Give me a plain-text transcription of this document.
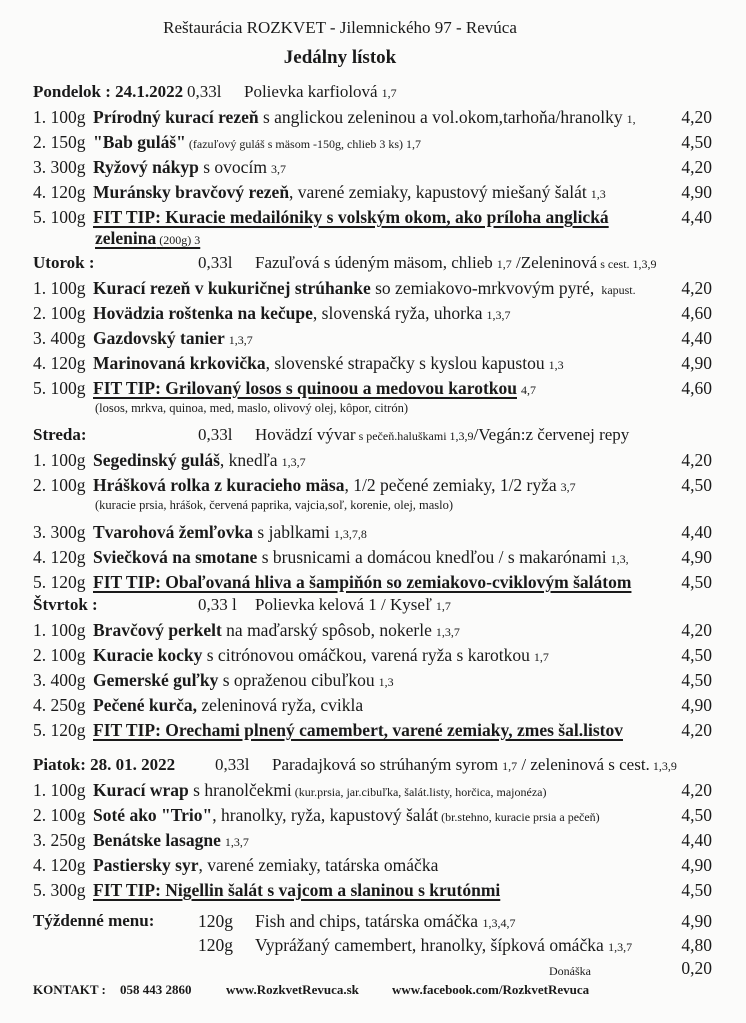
Reštaurácia ROZKVET - Jilemnického 97 - Revúca
Jedálny lístok
Pondelok : 24.1.2022 0,33l Polievka karfiolová 1,7
1. 100g Prírodný kurací rezeň s anglickou zeleninou a vol.okom,tarhoňa/hranolky 1,	4,20
2. 150g "Bab guláš" (fazuľový guláš s mäsom -150g, chlieb 3 ks) 1,7	4,50
3. 300g Ryžový nákyp s ovocím 3,7	4,20
4. 120g Muránsky bravčový rezeň, varené zemiaky, kapustový miešaný šalát 1,3	4,90
5. 100g FIT TIP: Kuracie medailóniky s volským okom, ako príloha anglická	4,40
zelenina (200g) 3
Utorok :	0,33l Fazuľová s údeným mäsom, chlieb 1,7 /Zeleninová s cest. 1,3,9
1. 100g Kurací rezeň v kukuričnej strúhanke so zemiakovo-mrkvovým pyré, kapust.	4,20
2. 100g Hovädzia roštenka na kečupe, slovenská ryža, uhorka 1,3,7	4,60
3. 400g Gazdovský tanier 1,3,7	4,40
4. 120g Marinovaná krkovička, slovenské strapačky s kyslou kapustou 1,3	4,90
5. 100g FIT TIP: Grilovaný losos s quinoou a medovou karotkou 4,7	4,60
(losos, mrkva, quinoa, med, maslo, olivový olej, kôpor, citrón)
Streda:	0,33l Hovädzí vývar s pečeň.haluškami 1,3,9/Vegán:z červenej repy
1. 100g Segedinský guláš, knedľa 1,3,7	4,20
2. 100g Hrášková rolka z kuracieho mäsa, 1/2 pečené zemiaky, 1/2 ryža 3,7	4,50
(kuracie prsia, hrášok, červená paprika, vajcia,soľ, korenie, olej, maslo)
3. 300g Tvarohová žemľovka s jablkami 1,3,7,8	4,40
4. 120g Sviečková na smotane s brusnicami a domácou knedľou / s makarónami 1,3,	4,90
5. 120g FIT TIP: Obaľovaná hliva a šampiňón so zemiakovo-cviklovým šalátom	4,50
Štvrtok :	0,33 l Polievka kelová 1 / Kyseľ 1,7
1. 100g Bravčový perkelt na maďarský spôsob, nokerle 1,3,7	4,20
2. 100g Kuracie kocky s citrónovou omáčkou, varená ryža s karotkou 1,7	4,50
3. 400g Gemerské guľky s opraženou cibuľkou 1,3	4,50
4. 250g Pečené kurča, zeleninová ryža, cvikla	4,90
5. 120g FIT TIP: Orechami plnený camembert, varené zemiaky, zmes šal.listov	4,20
Piatok: 28. 01. 2022 0,33l Paradajková so strúhaným syrom 1,7 / zeleninová s cest. 1,3,9
1. 100g Kurací wrap s hranolčekmi (kur.prsia, jar.cibuľka, šalát.listy, horčica, majonéza)	4,20
2. 100g Soté ako "Trio", hranolky, ryža, kapustový šalát (br.stehno, kuracie prsia a pečeň)	4,50
3. 250g Benátske lasagne 1,3,7	4,40
4. 120g Pastiersky syr, varené zemiaky, tatárska omáčka	4,90
5. 300g FIT TIP: Nigellin šalát s vajcom a slaninou s krutónmi	4,50
Týždenné menu: 120g Fish and chips, tatárska omáčka 1,3,4,7	4,90
120g Vyprážaný camembert, hranolky, šípková omáčka 1,3,7	4,80
Donáška	0,20
KONTAKT : 058 443 2860	www.RozkvetRevuca.sk	www.facebook.com/RozkvetRevuca
